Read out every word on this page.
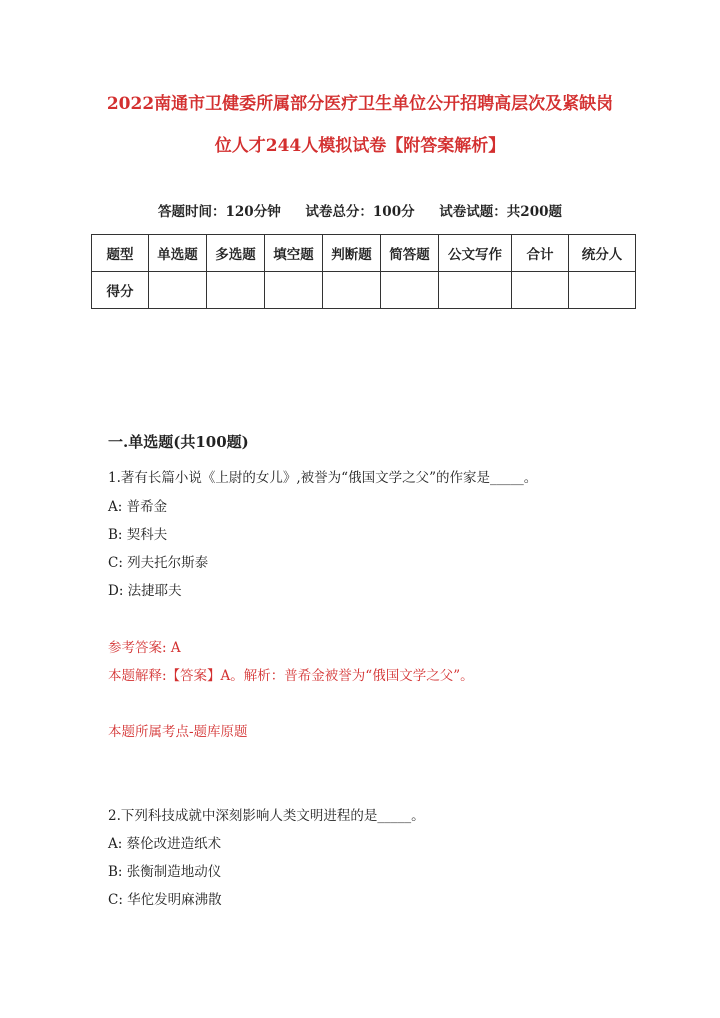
2022南通市卫健委所属部分医疗卫生单位公开招聘高层次及紧缺岗
位人才244人模拟试卷【附答案解析】
答题时间：120分钟 试卷总分：100分 试卷试题：共200题
题型	单选题	多选题	填空题	判断题	简答题	公文写作	合计	统分人
得分								
一.单选题(共100题)
1.著有长篇小说《上尉的女儿》,被誉为“俄国文学之父”的作家是_____。
A: 普希金
B: 契科夫
C: 列夫托尔斯泰
D: 法捷耶夫
参考答案: A
本题解释:【答案】A。解析：普希金被誉为“俄国文学之父”。
本题所属考点-题库原题
2.下列科技成就中深刻影响人类文明进程的是_____。
A: 蔡伦改进造纸术
B: 张衡制造地动仪
C: 华佗发明麻沸散
